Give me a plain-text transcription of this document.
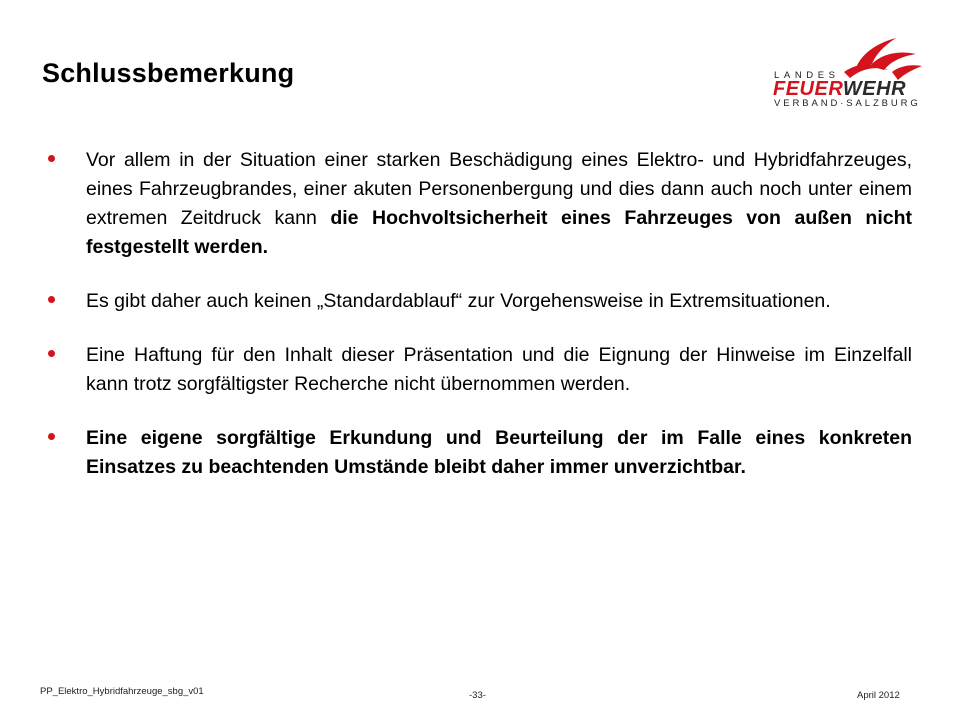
Schlussbemerkung	LANDES
FEUERWEHR
VERBAND·SALZBURG
Vor allem in der Situation einer starken Beschädigung eines Elektro- und Hybridfahrzeuges, eines Fahrzeugbrandes, einer akuten Personenbergung und dies dann auch noch unter einem extremen Zeitdruck kann die Hochvoltsicherheit eines Fahrzeuges von außen nicht festgestellt werden.
Es gibt daher auch keinen „Standardablauf“ zur Vorgehensweise in Extremsituationen.
Eine Haftung für den Inhalt dieser Präsentation und die Eignung der Hinweise im Einzelfall kann trotz sorgfältigster Recherche nicht übernommen werden.
Eine eigene sorgfältige Erkundung und Beurteilung der im Falle eines konkreten Einsatzes zu beachtenden Umstände bleibt daher immer unverzichtbar.
PP_Elektro_Hybridfahrzeuge_sbg_v01	-33-	April 2012
